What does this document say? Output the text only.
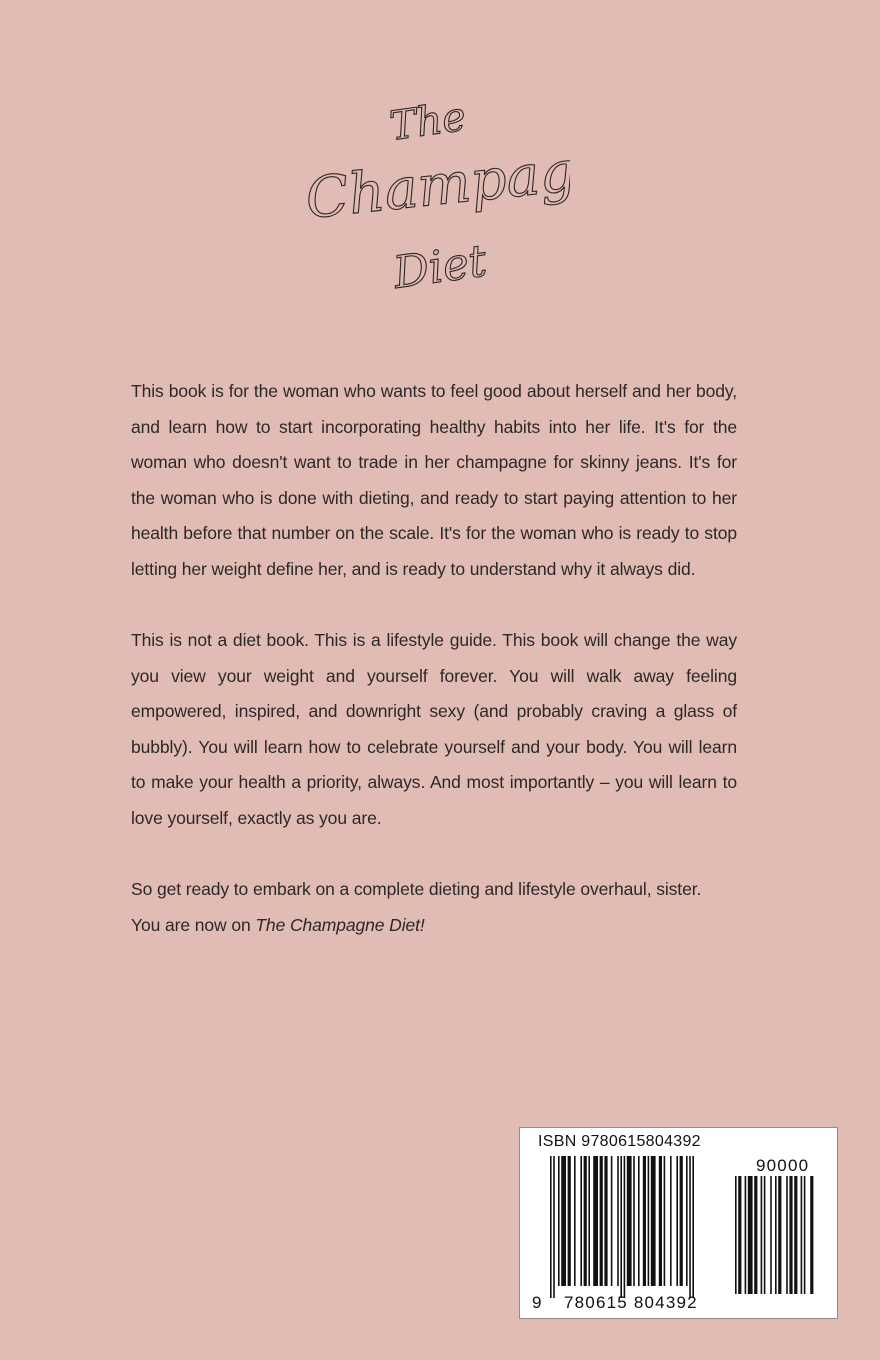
The
Champagne
Diet

This book is for the woman who wants to feel good about herself and her body, and learn how to start incorporating healthy habits into her life. It's for the woman who doesn't want to trade in her champagne for skinny jeans. It's for the woman who is done with dieting, and ready to start paying attention to her health before that number on the scale. It's for the woman who is ready to stop letting her weight define her, and is ready to understand why it always did.

This is not a diet book. This is a lifestyle guide. This book will change the way you view your weight and yourself forever. You will walk away feeling empowered, inspired, and downright sexy (and probably craving a glass of bubbly). You will learn how to celebrate yourself and your body. You will learn to make your health a priority, always. And most importantly – you will learn to love yourself, exactly as you are.

So get ready to embark on a complete dieting and lifestyle overhaul, sister.

You are now on The Champagne Diet!

ISBN 9780615804392
9 780615 804392
90000
